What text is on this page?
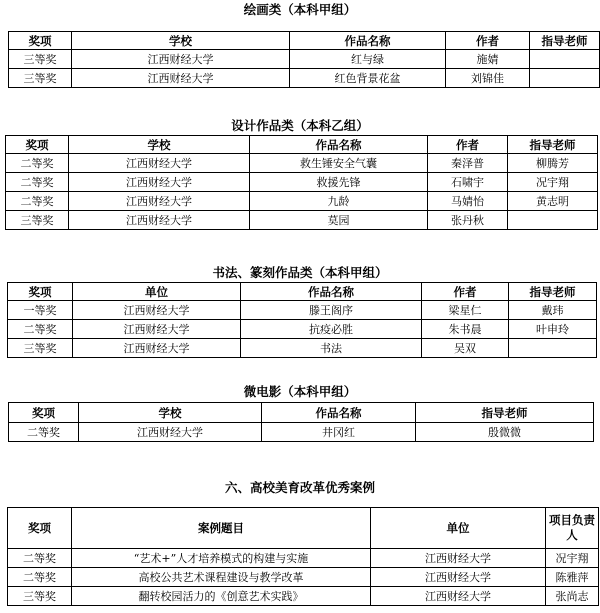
绘画类（本科甲组）
奖项	学校	作品名称	作者	指导老师
三等奖	江西财经大学	红与绿	施婧	
三等奖	江西财经大学	红色背景花盆	刘锦佳	
设计作品类（本科乙组）
奖项	学校	作品名称	作者	指导老师
二等奖	江西财经大学	救生锤安全气囊	秦泽普	柳腾芳
二等奖	江西财经大学	救援先锋	石啸宇	况宇翔
二等奖	江西财经大学	九龄	马婧怡	黄志明
三等奖	江西财经大学	莫园	张丹秋	
书法、篆刻作品类（本科甲组）
奖项	单位	作品名称	作者	指导老师
一等奖	江西财经大学	滕王阁序	梁星仁	戴玮
二等奖	江西财经大学	抗疫必胜	朱书晨	叶申玲
三等奖	江西财经大学	书法	吴双	
微电影（本科甲组）
奖项	学校	作品名称	指导老师
二等奖	江西财经大学	井冈红	殷微微
六、高校美育改革优秀案例
奖项	案例题目	单位	项目负责人
二等奖	“艺术+”人才培养模式的构建与实施	江西财经大学	况宇翔
二等奖	高校公共艺术课程建设与教学改革	江西财经大学	陈雅萍
三等奖	翻转校园活力的《创意艺术实践》	江西财经大学	张尚志
